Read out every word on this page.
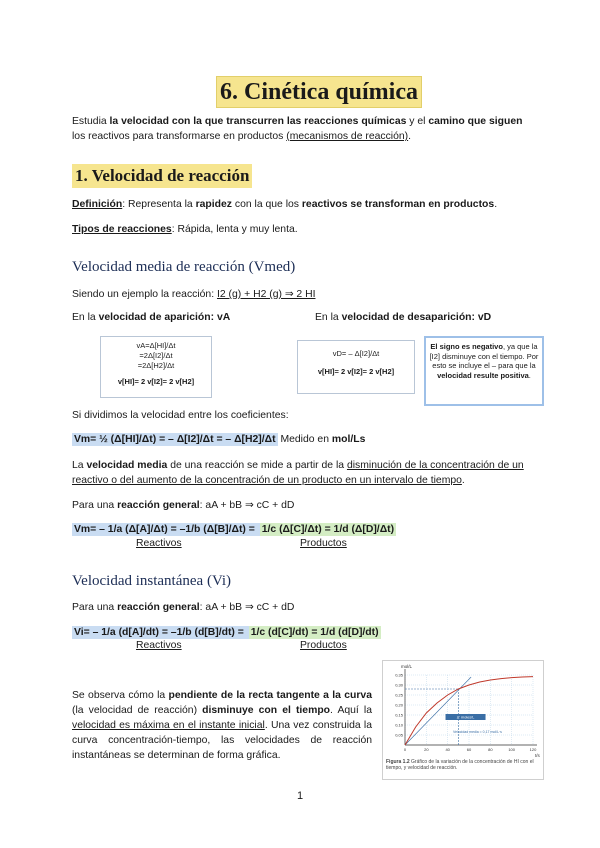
6. Cinética química
Estudia la velocidad con la que transcurren las reacciones químicas y el camino que siguen los reactivos para transformarse en productos (mecanismos de reacción).
1. Velocidad de reacción
Definición: Representa la rapidez con la que los reactivos se transforman en productos.
Tipos de reacciones: Rápida, lenta y muy lenta.
Velocidad media de reacción (Vmed)
Siendo un ejemplo la reacción: I2 (g) + H2 (g) ⇒ 2 HI
En la velocidad de aparición: vA	En la velocidad de desaparición: vD
vA=Δ[HI]/Δt
=2Δ[I2]/Δt
=2Δ[H2]/Δt
v[HI]= 2 v[I2]= 2 v[H2]
vD= – Δ[I2]/Δt
v[HI]= 2 v[I2]= 2 v[H2]
El signo es negativo, ya que la [I2] disminuye con el tiempo. Por esto se incluye el – para que la velocidad resulte positiva.
Si dividimos la velocidad entre los coeficientes:
Vm= ½ (Δ[HI]/Δt) = – Δ[I2]/Δt = – Δ[H2]/Δt Medido en mol/Ls
La velocidad media de una reacción se mide a partir de la disminución de la concentración de un reactivo o del aumento de la concentración de un producto en un intervalo de tiempo.
Para una reacción general: aA + bB ⇒ cC + dD
Vm= – 1/a (Δ[A]/Δt) = –1/b (Δ[B]/Δt) = 1/c (Δ[C]/Δt) = 1/d (Δ[D]/Δt)
Reactivos	Productos
Velocidad instantánea (Vi)
Para una reacción general: aA + bB ⇒ cC + dD
Vi= – 1/a (d[A]/dt) = –1/b (d[B]/dt) = 1/c (d[C]/dt) = 1/d (d[D]/dt)
Reactivos	Productos
Se observa cómo la pendiente de la recta tangente a la curva (la velocidad de reacción) disminuye con el tiempo. Aquí la velocidad es máxima en el instante inicial. Una vez construida la curva concentración-tiempo, las velocidades de reacción instantáneas se determinan de forma gráfica.
0,35
0,30
0,25
0,20
0,15
0,10
0,05
0	20	40	60	80	100	120
mol/L
t/s
Δ' moles/L
Velocidad media = 0,17 mol/L·s
Figura 1.2 Gráfico de la variación de la concentración de HI con el tiempo, y velocidad de reacción.
1
